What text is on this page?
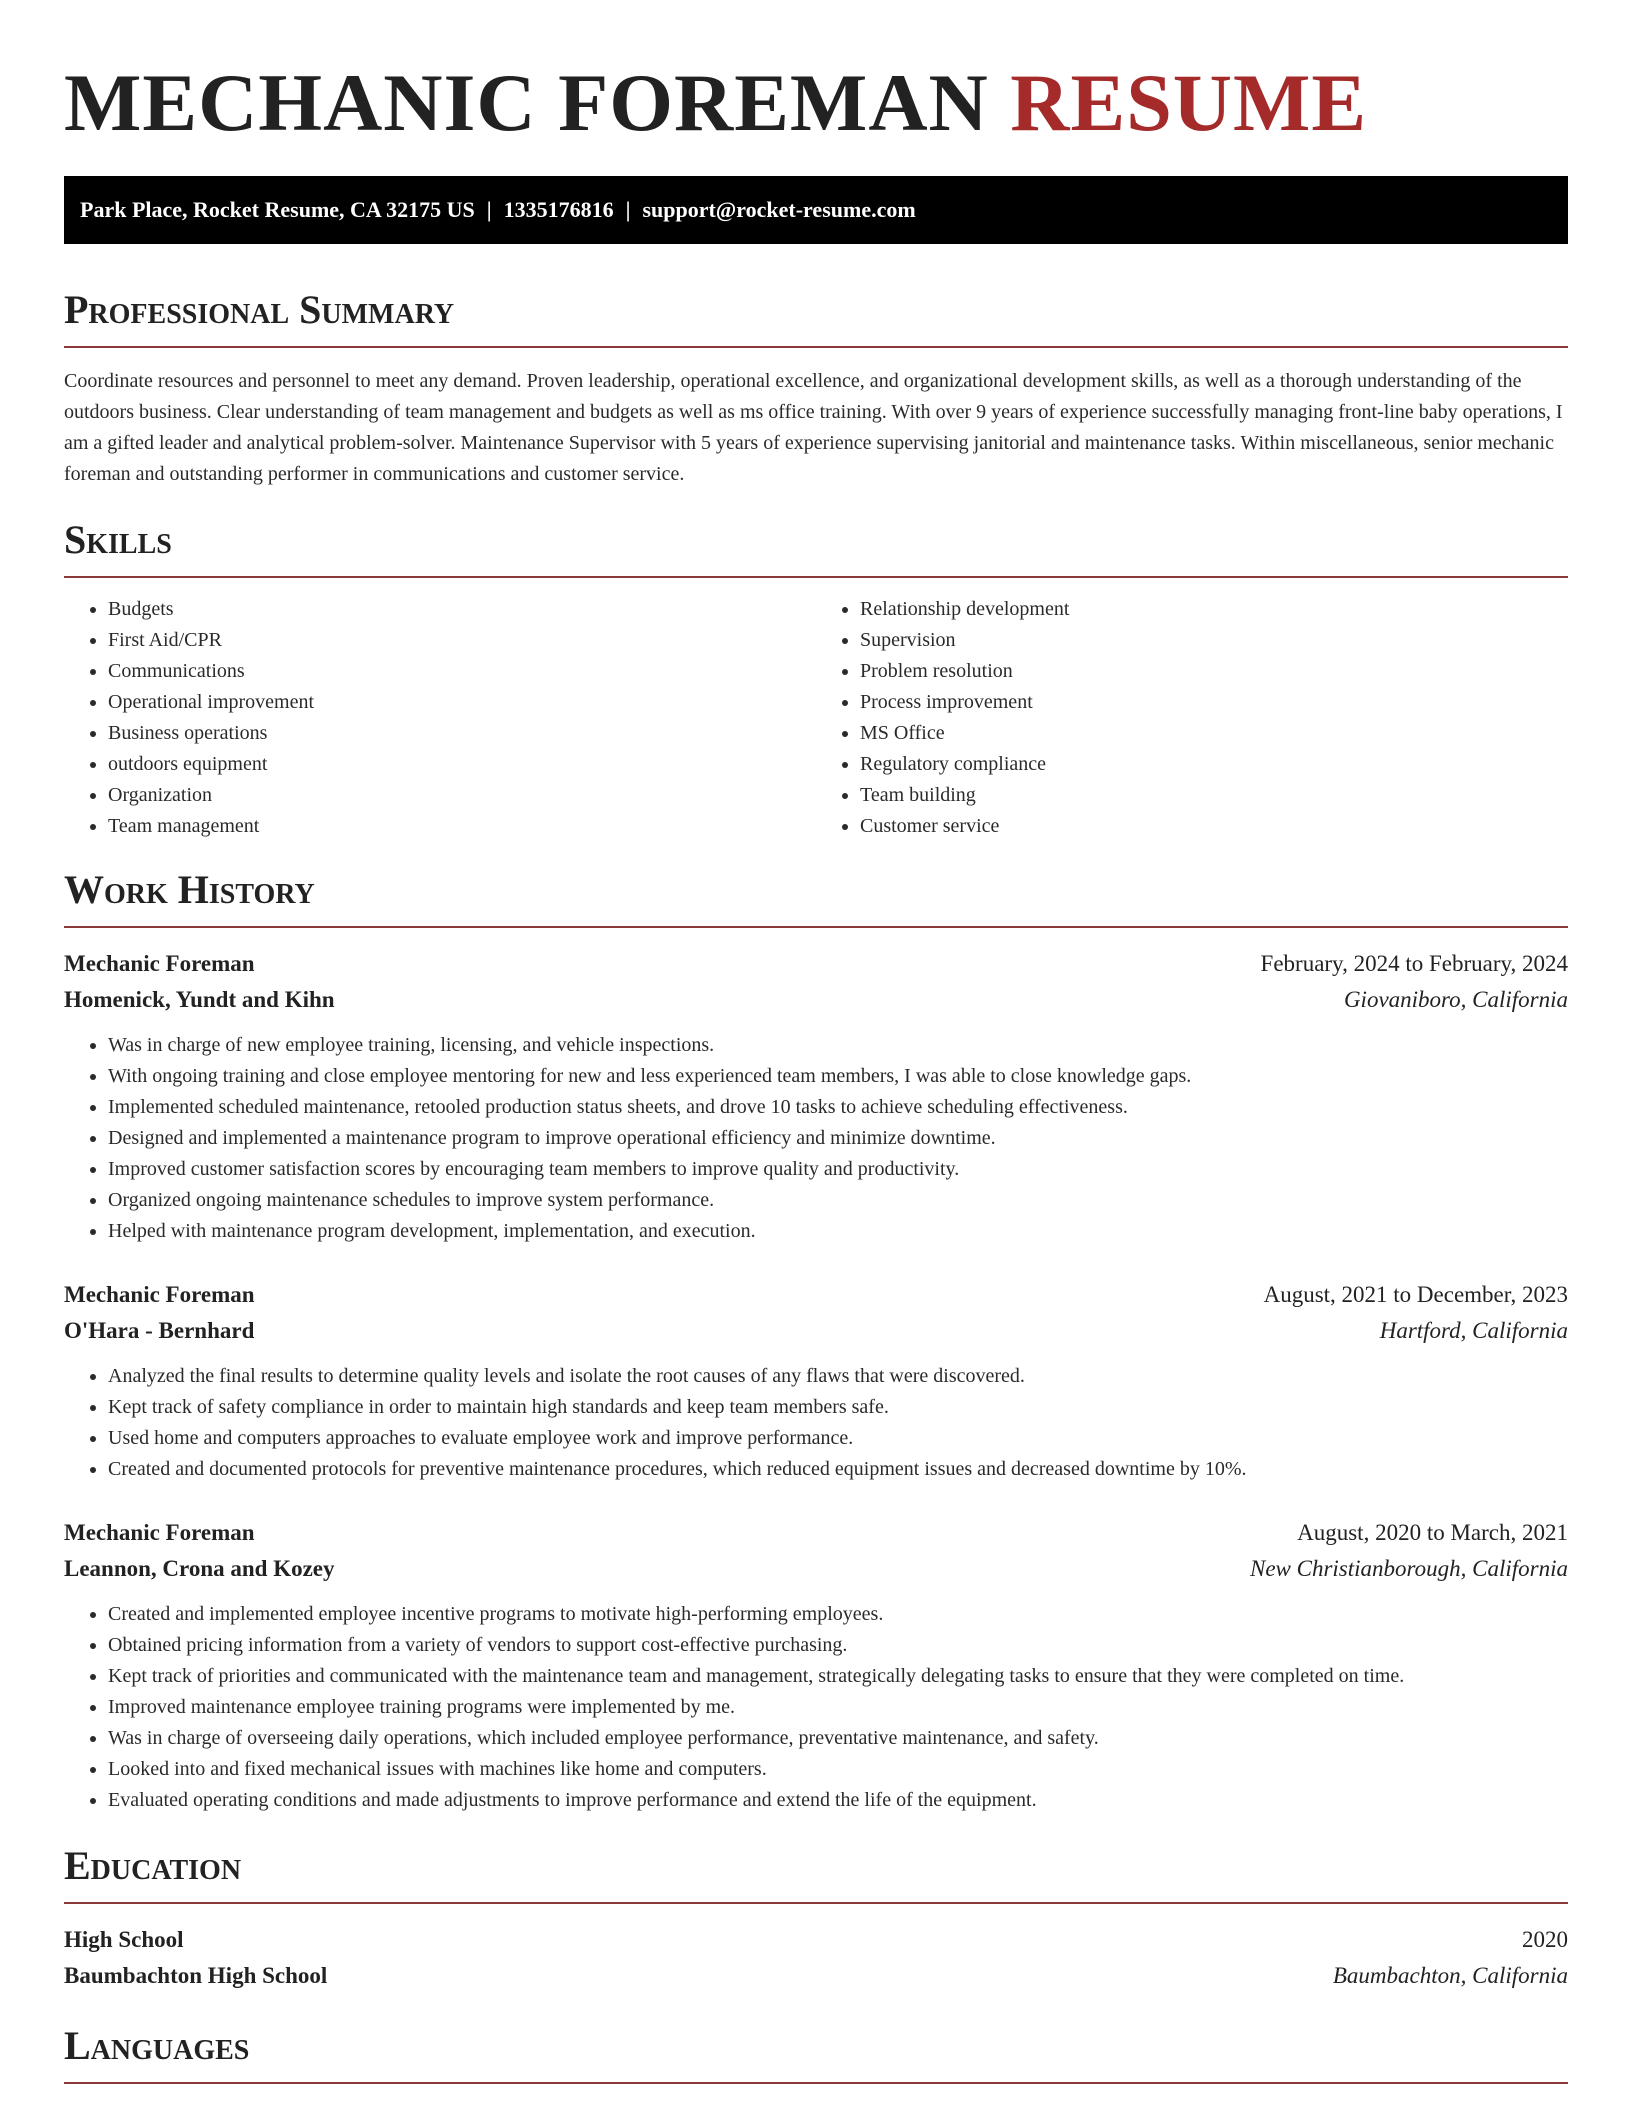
MECHANIC FOREMAN RESUME
Park Place, Rocket Resume, CA 32175 US | 1335176816 | support@rocket-resume.com
Professional Summary

Coordinate resources and personnel to meet any demand. Proven leadership, operational excellence, and organizational development skills, as well as a thorough understanding of the outdoors business. Clear understanding of team management and budgets as well as ms office training. With over 9 years of experience successfully managing front-line baby operations, I am a gifted leader and analytical problem-solver. Maintenance Supervisor with 5 years of experience supervising janitorial and maintenance tasks. Within miscellaneous, senior mechanic foreman and outstanding performer in communications and customer service.

Skills
• Budgets
• First Aid/CPR
• Communications
• Operational improvement
• Business operations
• outdoors equipment
• Organization
• Team management
• Relationship development
• Supervision
• Problem resolution
• Process improvement
• MS Office
• Regulatory compliance
• Team building
• Customer service
Work History
Mechanic Foreman	February, 2024 to February, 2024
Homenick, Yundt and Kihn	Giovaniboro, California
• Was in charge of new employee training, licensing, and vehicle inspections.
• With ongoing training and close employee mentoring for new and less experienced team members, I was able to close knowledge gaps.
• Implemented scheduled maintenance, retooled production status sheets, and drove 10 tasks to achieve scheduling effectiveness.
• Designed and implemented a maintenance program to improve operational efficiency and minimize downtime.
• Improved customer satisfaction scores by encouraging team members to improve quality and productivity.
• Organized ongoing maintenance schedules to improve system performance.
• Helped with maintenance program development, implementation, and execution.
Mechanic Foreman	August, 2021 to December, 2023
O'Hara - Bernhard	Hartford, California
• Analyzed the final results to determine quality levels and isolate the root causes of any flaws that were discovered.
• Kept track of safety compliance in order to maintain high standards and keep team members safe.
• Used home and computers approaches to evaluate employee work and improve performance.
• Created and documented protocols for preventive maintenance procedures, which reduced equipment issues and decreased downtime by 10%.
Mechanic Foreman	August, 2020 to March, 2021
Leannon, Crona and Kozey	New Christianborough, California
• Created and implemented employee incentive programs to motivate high-performing employees.
• Obtained pricing information from a variety of vendors to support cost-effective purchasing.
• Kept track of priorities and communicated with the maintenance team and management, strategically delegating tasks to ensure that they were completed on time.
• Improved maintenance employee training programs were implemented by me.
• Was in charge of overseeing daily operations, which included employee performance, preventative maintenance, and safety.
• Looked into and fixed mechanical issues with machines like home and computers.
• Evaluated operating conditions and made adjustments to improve performance and extend the life of the equipment.
Education
High School	2020
Baumbachton High School	Baumbachton, California
Languages
